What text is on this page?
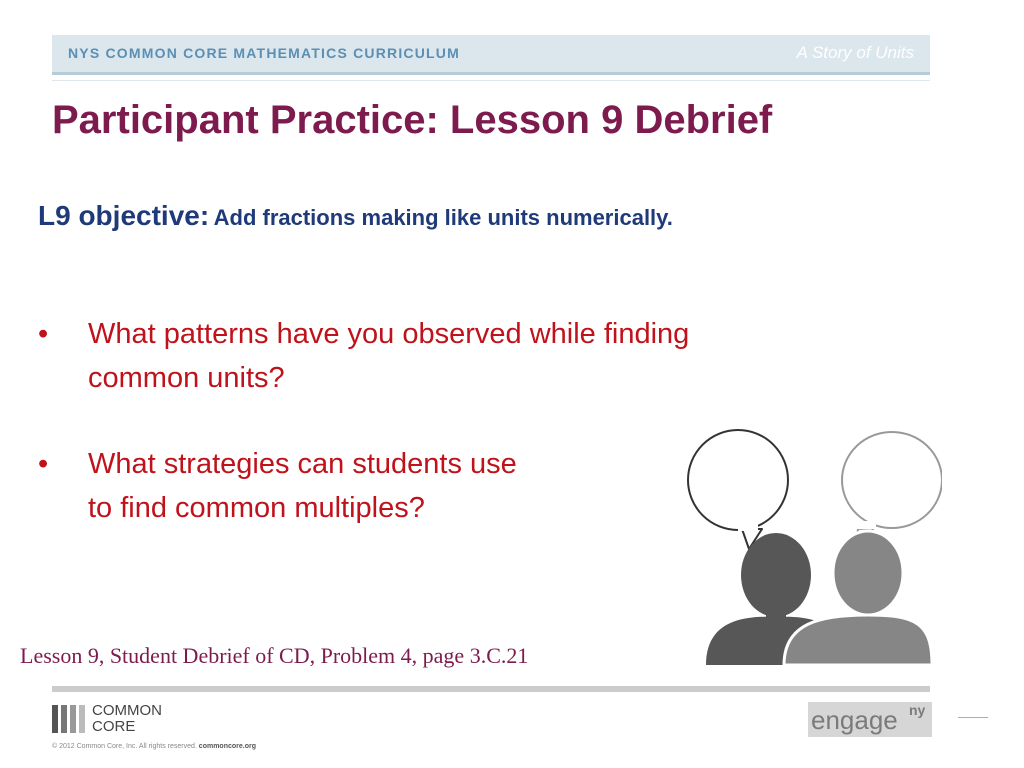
NYS COMMON CORE MATHEMATICS CURRICULUM	A Story of Units
Participant Practice: Lesson 9 Debrief
L9 objective: Add fractions making like units numerically.
• What patterns have you observed while finding
common units?
• What strategies can students use
to find common multiples?
Lesson 9, Student Debrief of CD, Problem 4, page 3.C.21
COMMON
CORE
© 2012 Common Core, Inc. All rights reserved. commoncore.org
engage ny
